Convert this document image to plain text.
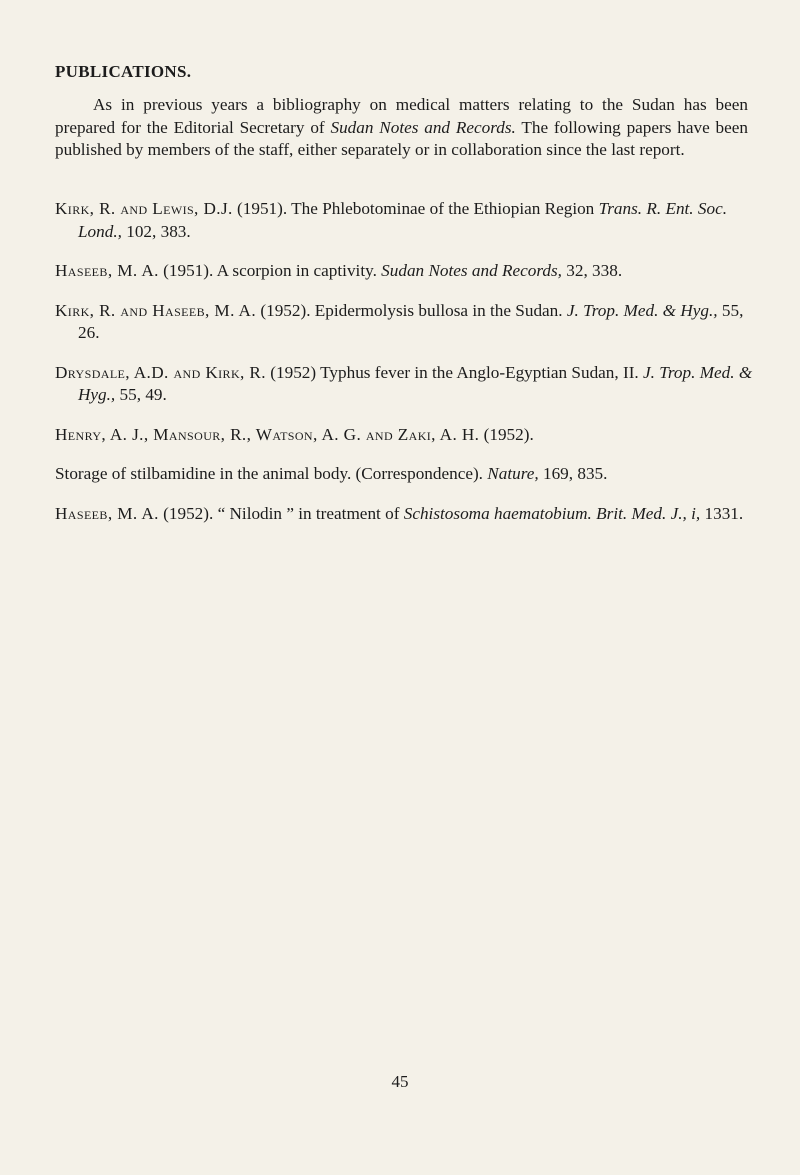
PUBLICATIONS.

As in previous years a bibliography on medical matters relating to the Sudan has been prepared for the Editorial Secretary of Sudan Notes and Records. The following papers have been published by members of the staff, either separately or in collaboration since the last report.

Kirk, R. and Lewis, D.J. (1951). The Phlebotominae of the Ethiopian Region Trans. R. Ent. Soc. Lond., 102, 383.

Haseeb, M. A. (1951). A scorpion in captivity. Sudan Notes and Records, 32, 338.

Kirk, R. and Haseeb, M. A. (1952). Epidermolysis bullosa in the Sudan. J. Trop. Med. & Hyg., 55, 26.

Drysdale, A.D. and Kirk, R. (1952) Typhus fever in the Anglo-Egyptian Sudan, II. J. Trop. Med. & Hyg., 55, 49.

Henry, A. J., Mansour, R., Watson, A. G. and Zaki, A. H. (1952).
Storage of stilbamidine in the animal body. (Correspondence). Nature, 169, 835.

Haseeb, M. A. (1952). “ Nilodin ” in treatment of Schistosoma haematobium. Brit. Med. J., i, 1331.

45
